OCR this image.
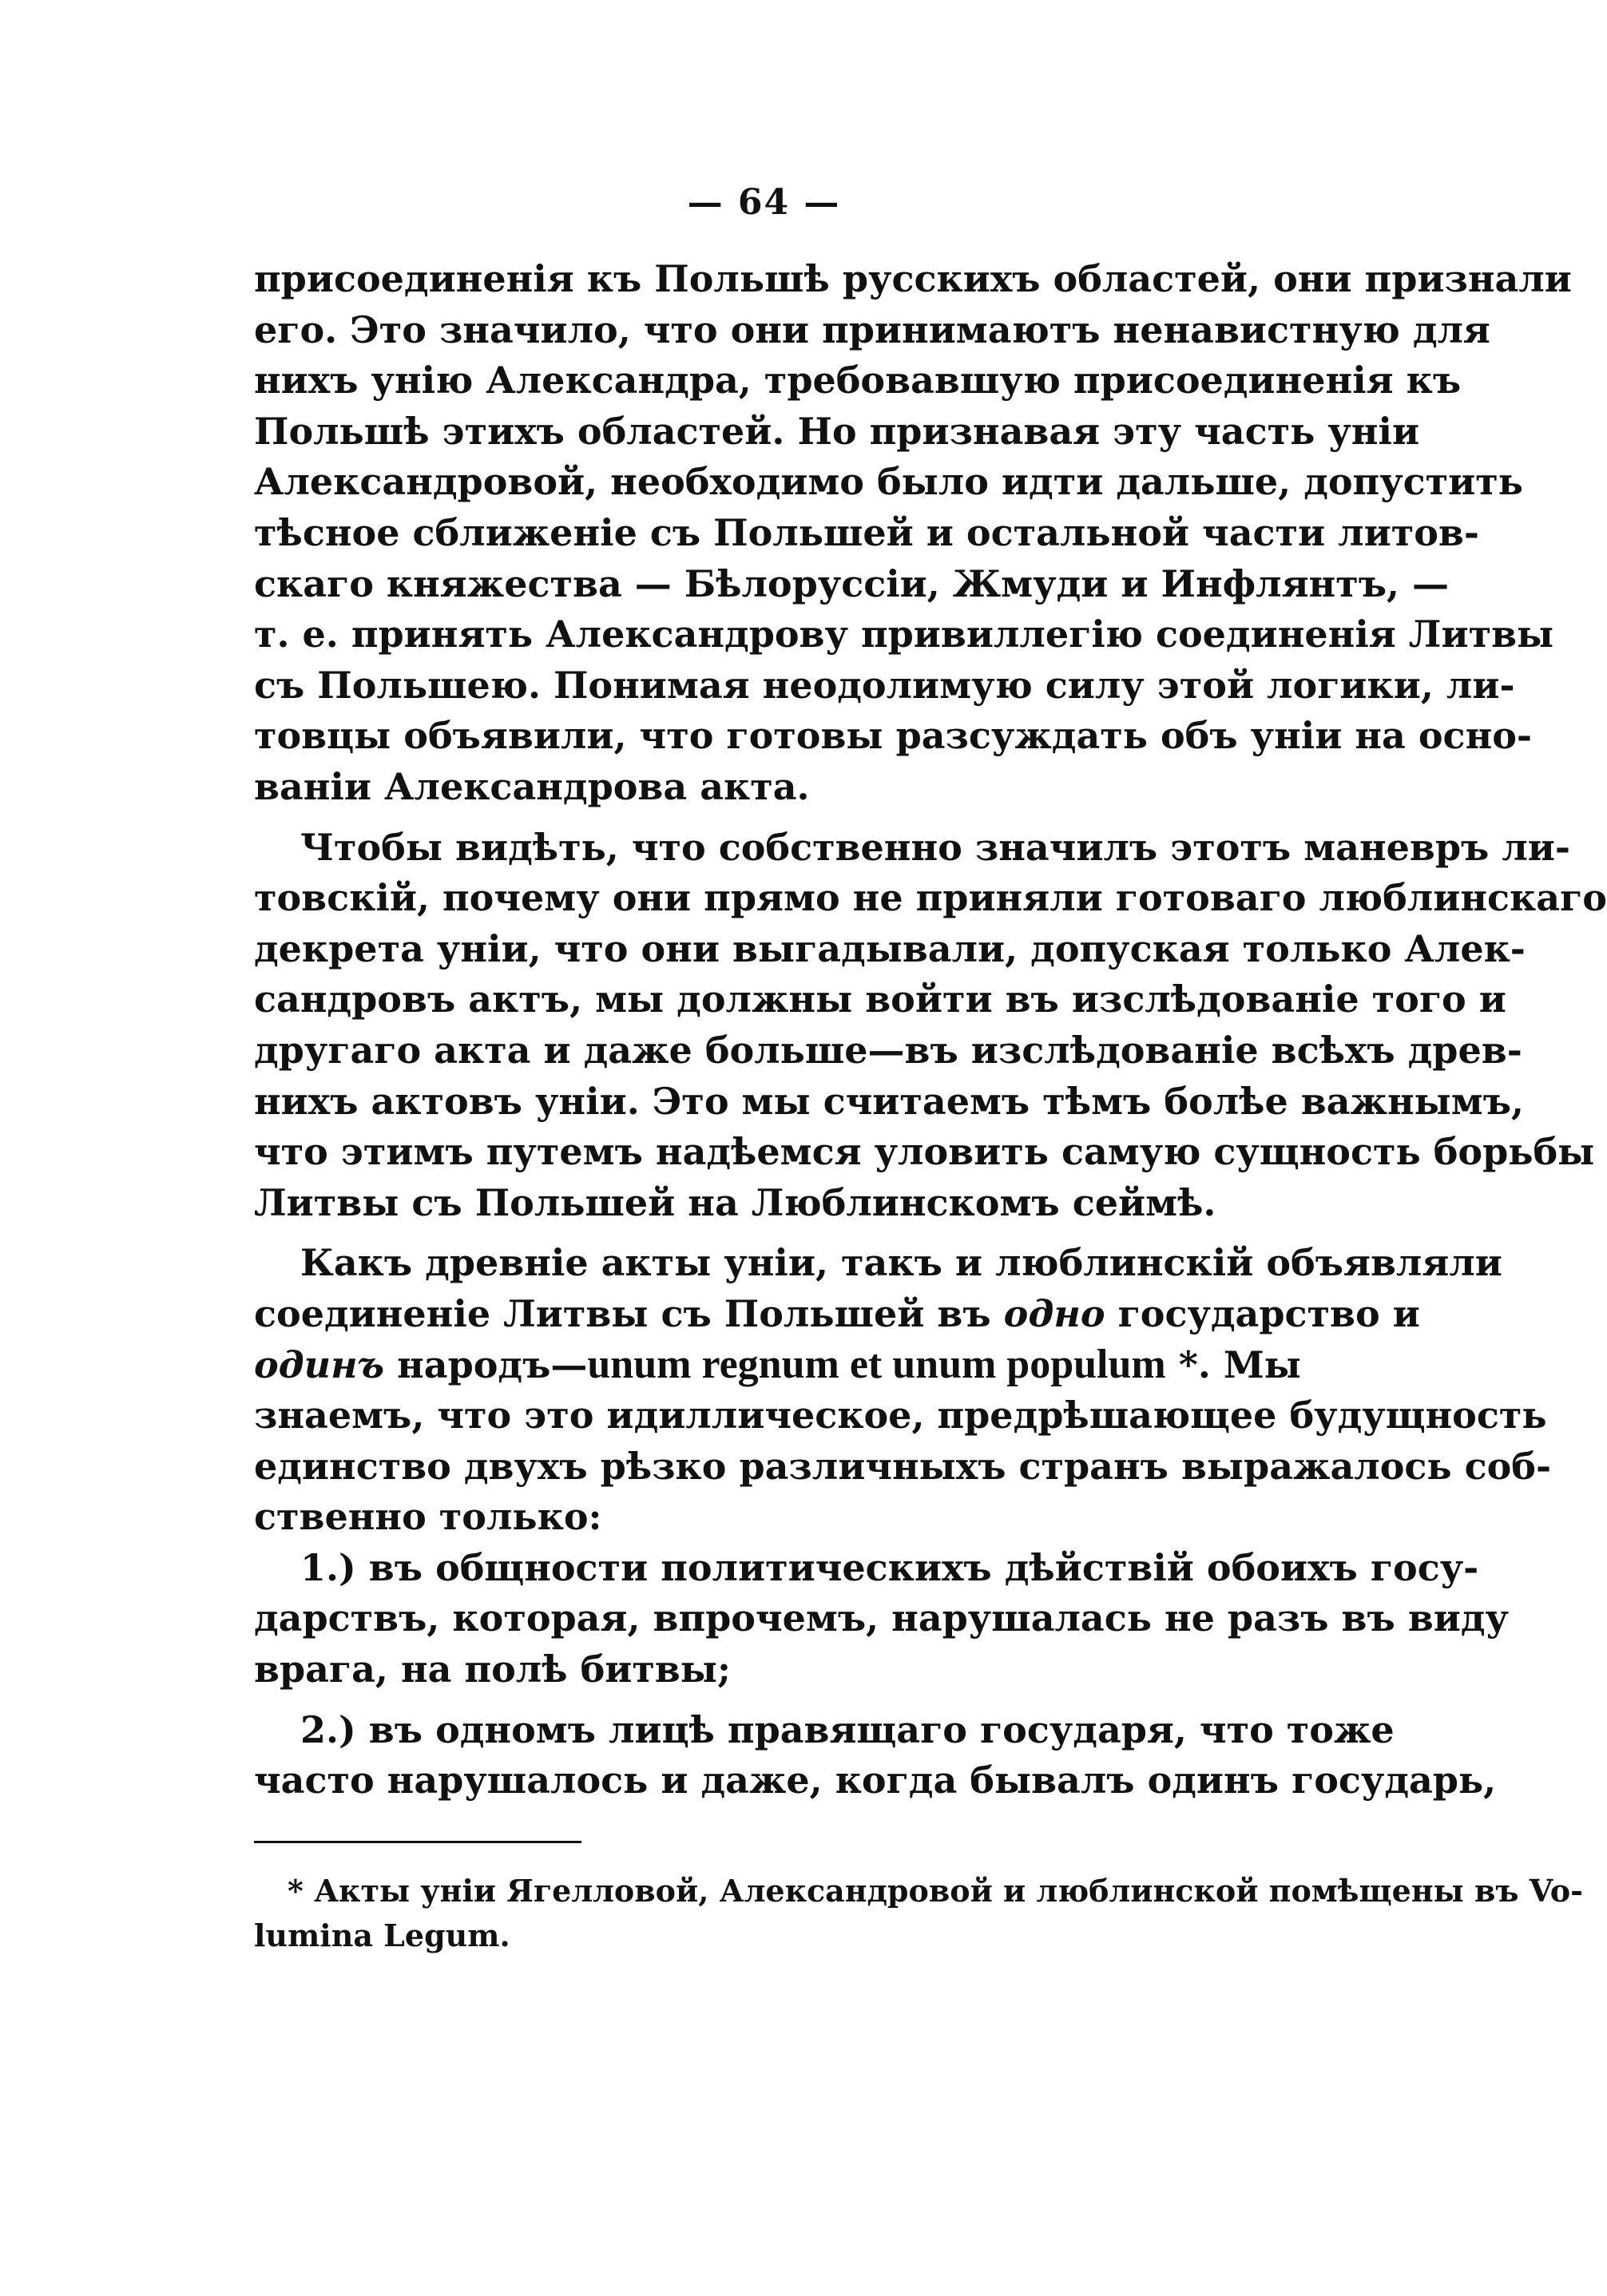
— 64 —
присоединенія къ Польшѣ русскихъ областей, они признали
его. Это значило, что они принимаютъ ненавистную для
нихъ унію Александра, требовавшую присоединенія къ
Польшѣ этихъ областей. Но признавая эту часть уніи
Александровой, необходимо было идти дальше, допустить
тѣсное сближеніе съ Польшей и остальной части литов-
скаго княжества — Бѣлоруссіи, Жмуди и Инфлянтъ, —
т. е. принять Александрову привиллегію соединенія Литвы
съ Польшею. Понимая неодолимую силу этой логики, ли-
товцы объявили, что готовы разсуждать объ уніи на осно-
ваніи Александрова акта.
Чтобы видѣть, что собственно значилъ этотъ маневръ ли-
товскій, почему они прямо не приняли готоваго люблинскаго
декрета уніи, что они выгадывали, допуская только Алек-
сандровъ актъ, мы должны войти въ изслѣдованіе того и
другаго акта и даже больше—въ изслѣдованіе всѣхъ древ-
нихъ актовъ уніи. Это мы считаемъ тѣмъ болѣе важнымъ,
что этимъ путемъ надѣемся уловить самую сущность борьбы
Литвы съ Польшей на Люблинскомъ сеймѣ.
Какъ древніе акты уніи, такъ и люблинскій объявляли
соединеніе Литвы съ Польшей въ одно государство и
одинъ народъ—unum regnum et unum populum *. Мы
знаемъ, что это идиллическое, предрѣшающее будущность
единство двухъ рѣзко различныхъ странъ выражалось соб-
ственно только:
1.) въ общности политическихъ дѣйствій обоихъ госу-
дарствъ, которая, впрочемъ, нарушалась не разъ въ виду
врага, на полѣ битвы;
2.) въ одномъ лицѣ правящаго государя, что тоже
часто нарушалось и даже, когда бывалъ одинъ государь,
* Акты уніи Ягелловой, Александровой и люблинской помѣщены въ Vo-
lumina Legum.
